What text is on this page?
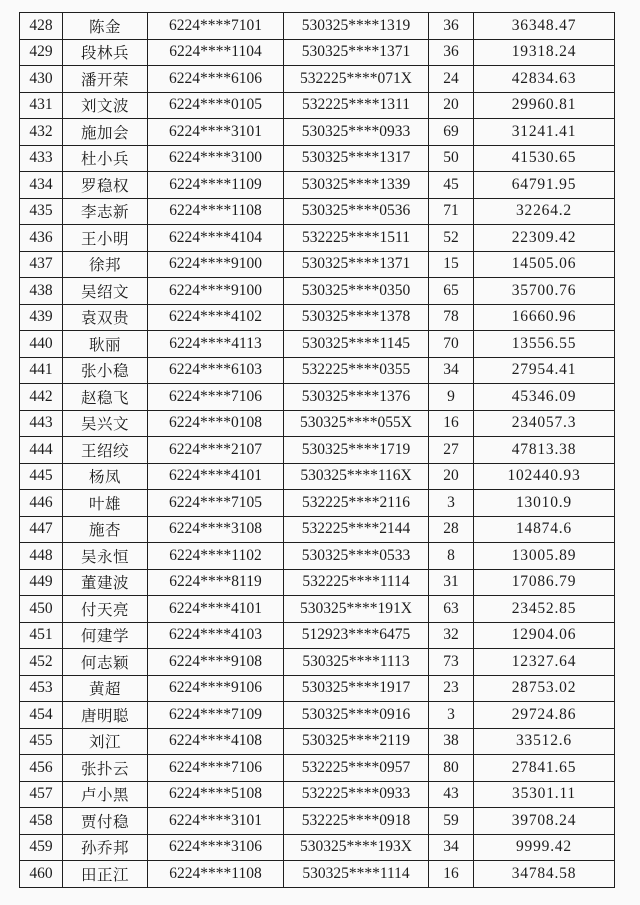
428	陈金	6224****7101	530325****1319	36	36348.47
429	段林兵	6224****1104	530325****1371	36	19318.24
430	潘开荣	6224****6106	532225****071X	24	42834.63
431	刘文波	6224****0105	532225****1311	20	29960.81
432	施加会	6224****3101	530325****0933	69	31241.41
433	杜小兵	6224****3100	530325****1317	50	41530.65
434	罗稳权	6224****1109	530325****1339	45	64791.95
435	李志新	6224****1108	530325****0536	71	32264.2
436	王小明	6224****4104	532225****1511	52	22309.42
437	徐邦	6224****9100	530325****1371	15	14505.06
438	吴绍文	6224****9100	530325****0350	65	35700.76
439	袁双贵	6224****4102	530325****1378	78	16660.96
440	耿丽	6224****4113	530325****1145	70	13556.55
441	张小稳	6224****6103	532225****0355	34	27954.41
442	赵稳飞	6224****7106	530325****1376	9	45346.09
443	吴兴文	6224****0108	530325****055X	16	234057.3
444	王绍绞	6224****2107	530325****1719	27	47813.38
445	杨凤	6224****4101	530325****116X	20	102440.93
446	叶雄	6224****7105	532225****2116	3	13010.9
447	施杏	6224****3108	532225****2144	28	14874.6
448	吴永恒	6224****1102	530325****0533	8	13005.89
449	董建波	6224****8119	532225****1114	31	17086.79
450	付天亮	6224****4101	530325****191X	63	23452.85
451	何建学	6224****4103	512923****6475	32	12904.06
452	何志颖	6224****9108	530325****1113	73	12327.64
453	黄超	6224****9106	530325****1917	23	28753.02
454	唐明聪	6224****7109	530325****0916	3	29724.86
455	刘江	6224****4108	530325****2119	38	33512.6
456	张扑云	6224****7106	532225****0957	80	27841.65
457	卢小黑	6224****5108	532225****0933	43	35301.11
458	贾付稳	6224****3101	532225****0918	59	39708.24
459	孙乔邦	6224****3106	530325****193X	34	9999.42
460	田正江	6224****1108	530325****1114	16	34784.58
